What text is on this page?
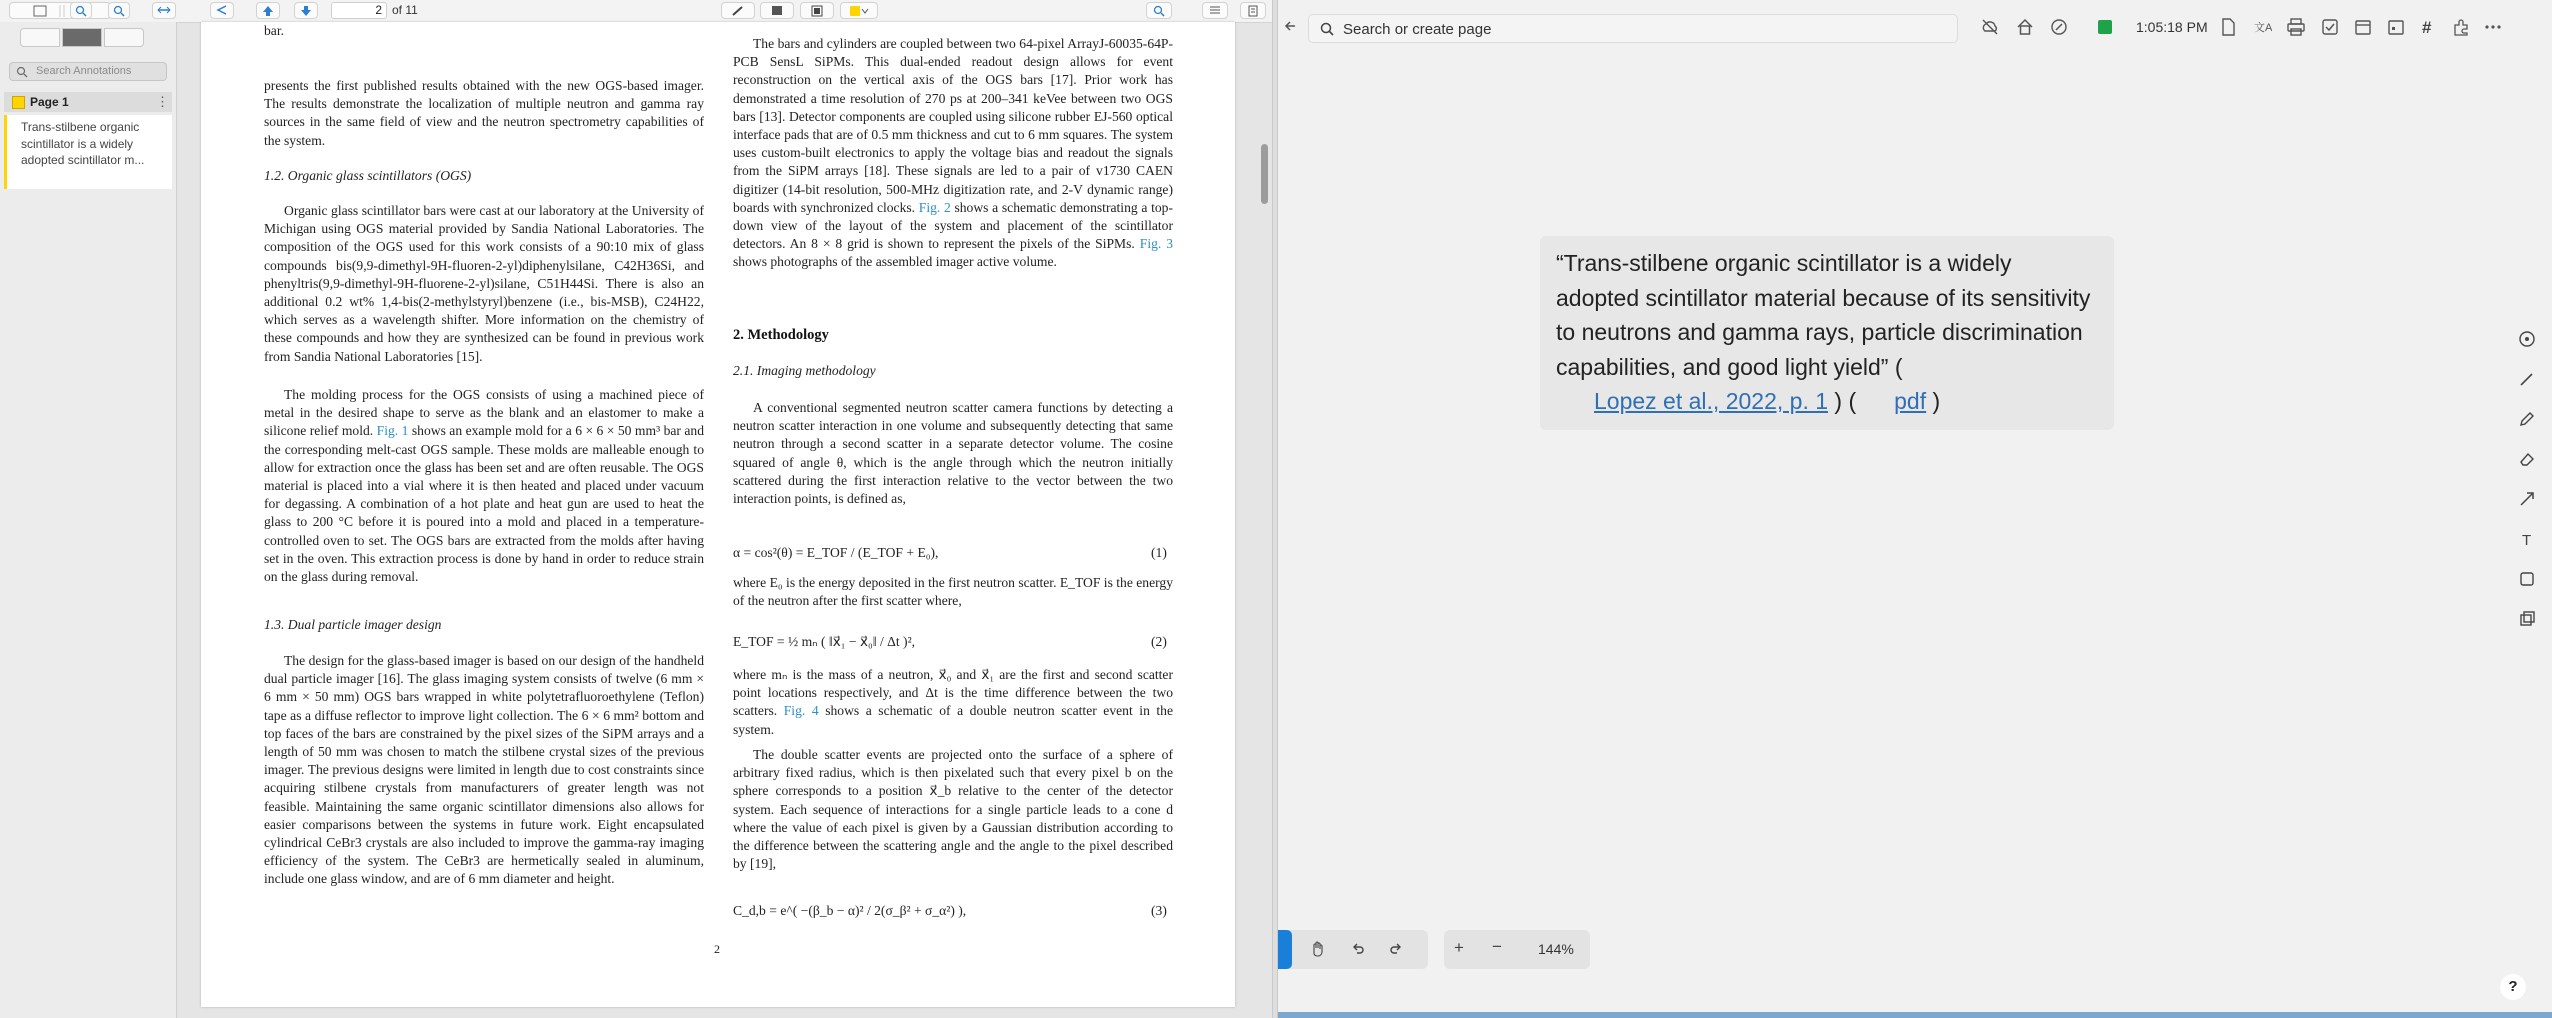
2 of 11
Search Annotations
Page 1	⋮
Trans-stilbene organic scintillator is a widely adopted scintillator m...
bar.
presents the first published results obtained with the new OGS-based imager. The results demonstrate the localization of multiple neutron and gamma ray sources in the same field of view and the neutron spectrometry capabilities of the system.
1.2. Organic glass scintillators (OGS)
Organic glass scintillator bars were cast at our laboratory at the University of Michigan using OGS material provided by Sandia National Laboratories. The composition of the OGS used for this work consists of a 90:10 mix of glass compounds bis(9,9-dimethyl-9H-fluoren-2-yl)diphenylsilane, C42H36Si, and phenyltris(9,9-dimethyl-9H-fluorene-2-yl)silane, C51H44Si. There is also an additional 0.2 wt% 1,4-bis(2-methylstyryl)benzene (i.e., bis-MSB), C24H22, which serves as a wavelength shifter. More information on the chemistry of these compounds and how they are synthesized can be found in previous work from Sandia National Laboratories [15].
The molding process for the OGS consists of using a machined piece of metal in the desired shape to serve as the blank and an elastomer to make a silicone relief mold. Fig. 1 shows an example mold for a 6 × 6 × 50 mm³ bar and the corresponding melt-cast OGS sample. These molds are malleable enough to allow for extraction once the glass has been set and are often reusable. The OGS material is placed into a vial where it is then heated and placed under vacuum for degassing. A combination of a hot plate and heat gun are used to heat the glass to 200 °C before it is poured into a mold and placed in a temperature-controlled oven to set. The OGS bars are extracted from the molds after having set in the oven. This extraction process is done by hand in order to reduce strain on the glass during removal.
1.3. Dual particle imager design
The design for the glass-based imager is based on our design of the handheld dual particle imager [16]. The glass imaging system consists of twelve (6 mm × 6 mm × 50 mm) OGS bars wrapped in white polytetrafluoroethylene (Teflon) tape as a diffuse reflector to improve light collection. The 6 × 6 mm² bottom and top faces of the bars are constrained by the pixel sizes of the SiPM arrays and a length of 50 mm was chosen to match the stilbene crystal sizes of the previous imager. The previous designs were limited in length due to cost constraints since acquiring stilbene crystals from manufacturers of greater length was not feasible. Maintaining the same organic scintillator dimensions also allows for easier comparisons between the systems in future work. Eight encapsulated cylindrical CeBr3 crystals are also included to improve the gamma-ray imaging efficiency of the system. The CeBr3 are hermetically sealed in aluminum, include one glass window, and are of 6 mm diameter and height.
The bars and cylinders are coupled between two 64-pixel ArrayJ-60035-64P-PCB SensL SiPMs. This dual-ended readout design allows for event reconstruction on the vertical axis of the OGS bars [17]. Prior work has demonstrated a time resolution of 270 ps at 200–341 keVee between two OGS bars [13]. Detector components are coupled using silicone rubber EJ-560 optical interface pads that are of 0.5 mm thickness and cut to 6 mm squares. The system uses custom-built electronics to apply the voltage bias and readout the signals from the SiPM arrays [18]. These signals are led to a pair of v1730 CAEN digitizer (14-bit resolution, 500-MHz digitization rate, and 2-V dynamic range) boards with synchronized clocks. Fig. 2 shows a schematic demonstrating a top-down view of the layout of the system and placement of the scintillator detectors. An 8 × 8 grid is shown to represent the pixels of the SiPMs. Fig. 3 shows photographs of the assembled imager active volume.
2. Methodology
2.1. Imaging methodology
A conventional segmented neutron scatter camera functions by detecting a neutron scatter interaction in one volume and subsequently detecting that same neutron through a second scatter in a separate detector volume. The cosine squared of angle θ, which is the angle through which the neutron initially scattered during the first interaction relative to the vector between the two interaction points, is defined as,
α = cos²(θ) = E_TOF / (E_TOF + E₀),	(1)
where E₀ is the energy deposited in the first neutron scatter. E_TOF is the energy of the neutron after the first scatter where,
E_TOF = ½ mₙ ( ‖x⃗₁ − x⃗₀‖ / Δt )²,	(2)
where mₙ is the mass of a neutron, x⃗₀ and x⃗₁ are the first and second scatter point locations respectively, and Δt is the time difference between the two scatters. Fig. 4 shows a schematic of a double neutron scatter event in the system.
The double scatter events are projected onto the surface of a sphere of arbitrary fixed radius, which is then pixelated such that every pixel b on the sphere corresponds to a position x⃗_b relative to the center of the detector system. Each sequence of interactions for a single particle leads to a cone d where the value of each pixel is given by a Gaussian distribution according to the difference between the scattering angle and the angle to the pixel described by [19],
C_d,b = e^( −(β_b − α)² / 2(σ_β² + σ_α²) ),	(3)
2
Search or create page	1:05:18 PM	文A	#
“Trans-stilbene organic scintillator is a widely adopted scintillator material because of its sensitivity to neutrons and gamma rays, particle discrimination capabilities, and good light yield” (
Lopez et al., 2022, p. 1 ) ( pdf )
T
+ −	144%
?
